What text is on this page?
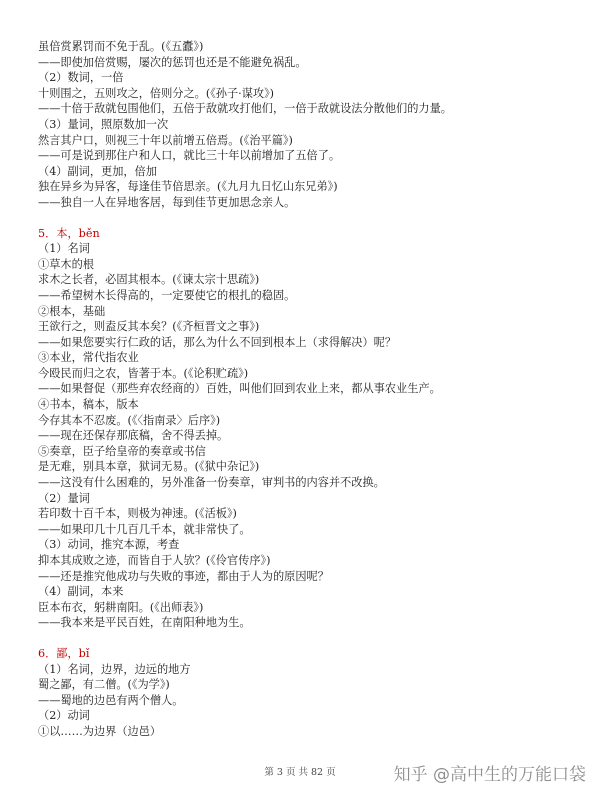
虽倍赏累罚而不免于乱。(《五蠹》)
——即使加倍赏赐，屡次的惩罚也还是不能避免祸乱。
（2）数词，一倍
十则围之，五则攻之，倍则分之。(《孙子·谋攻》)
——十倍于敌就包围他们，五倍于敌就攻打他们，一倍于敌就设法分散他们的力量。
（3）量词，照原数加一次
然言其户口，则视三十年以前增五倍焉。(《治平篇》)
——可是说到那住户和人口，就比三十年以前增加了五倍了。
（4）副词，更加，倍加
独在异乡为异客，每逢佳节倍思亲。(《九月九日忆山东兄弟》)
——独自一人在异地客居，每到佳节更加思念亲人。
5．本，běn
（1）名词
①草木的根
求木之长者，必固其根本。(《谏太宗十思疏》)
——希望树木长得高的，一定要使它的根扎的稳固。
②根本，基础
王欲行之，则盍反其本矣？(《齐桓晋文之事》)
——如果您要实行仁政的话，那么为什么不回到根本上（求得解决）呢？
③本业，常代指农业
今殴民而归之农，皆著于本。(《论积贮疏》)
——如果督促（那些弃农经商的）百姓，叫他们回到农业上来，都从事农业生产。
④书本，稿本，版本
今存其本不忍废。(《〈指南录〉后序》)
——现在还保存那底稿，舍不得丢掉。
⑤奏章，臣子给皇帝的奏章或书信
是无难，别具本章，狱词无易。(《狱中杂记》)
——这没有什么困难的，另外准备一份奏章，审判书的内容并不改换。
（2）量词
若印数十百千本，则极为神速。(《活板》)
——如果印几十几百几千本，就非常快了。
（3）动词，推究本源，考查
抑本其成败之迹，而皆自于人欤？(《伶官传序》)
——还是推究他成功与失败的事迹，都由于人为的原因呢？
（4）副词，本来
臣本布衣，躬耕南阳。(《出师表》)
——我本来是平民百姓，在南阳种地为生。
6．鄙，bǐ
（1）名词，边界，边远的地方
蜀之鄙，有二僧。(《为学》)
——蜀地的边邑有两个僧人。
（2）动词
①以……为边界（边邑）
第 3 页 共 82 页	知乎 @高中生的万能口袋
